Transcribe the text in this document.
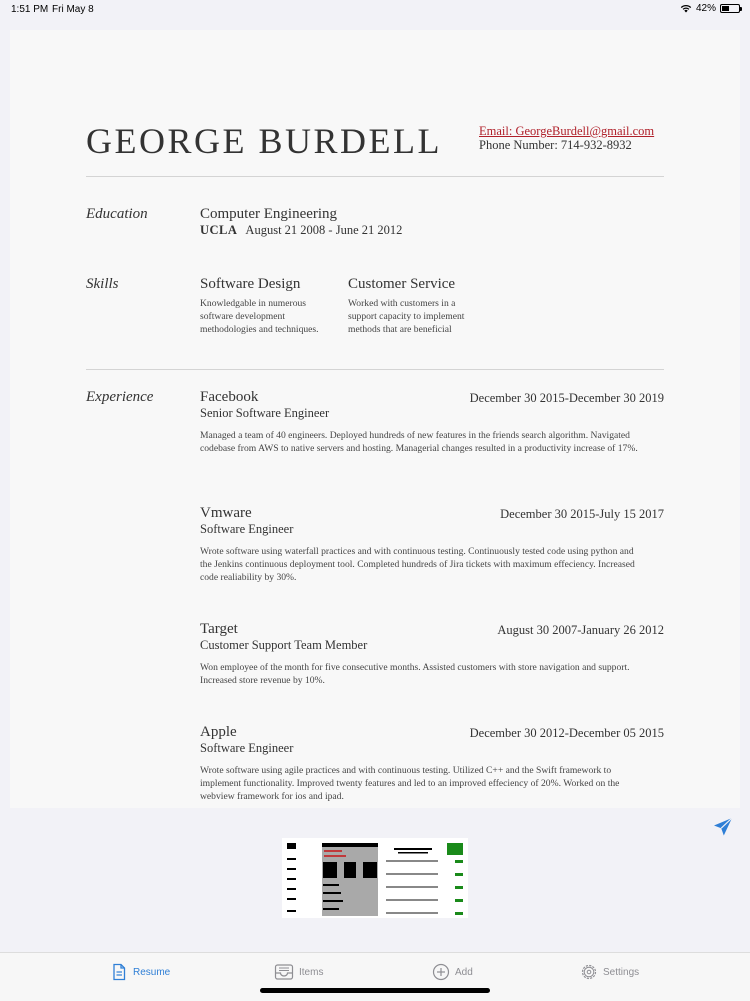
1:51 PM Fri May 8	42%
GEORGE BURDELL	Email: GeorgeBurdell@gmail.com
Phone Number: 714-932-8932
Education	Computer Engineering
UCLA August 21 2008 - June 21 2012
Skills	Software Design
Knowledgable in numerous software development methodologies and techniques.
Customer Service
Worked with customers in a support capacity to implement methods that are beneficial
Experience	Facebook	December 30 2015-December 30 2019
Senior Software Engineer
Managed a team of 40 engineers. Deployed hundreds of new features in the friends search algorithm. Navigated codebase from AWS to native servers and hosting. Managerial changes resulted in a productivity increase of 17%.
Vmware	December 30 2015-July 15 2017
Software Engineer
Wrote software using waterfall practices and with continuous testing. Continuously tested code using python and the Jenkins continuous deployment tool. Completed hundreds of Jira tickets with maximum effeciency. Increased code realiability by 30%.
Target	August 30 2007-January 26 2012
Customer Support Team Member
Won employee of the month for five consecutive months. Assisted customers with store navigation and support. Increased store revenue by 10%.
Apple	December 30 2012-December 05 2015
Software Engineer
Wrote software using agile practices and with continuous testing. Utilized C++ and the Swift framework to implement functionality. Improved twenty features and led to an improved effeciency of 20%. Worked on the webview framework for ios and ipad.
Resume	Items	Add	Settings
